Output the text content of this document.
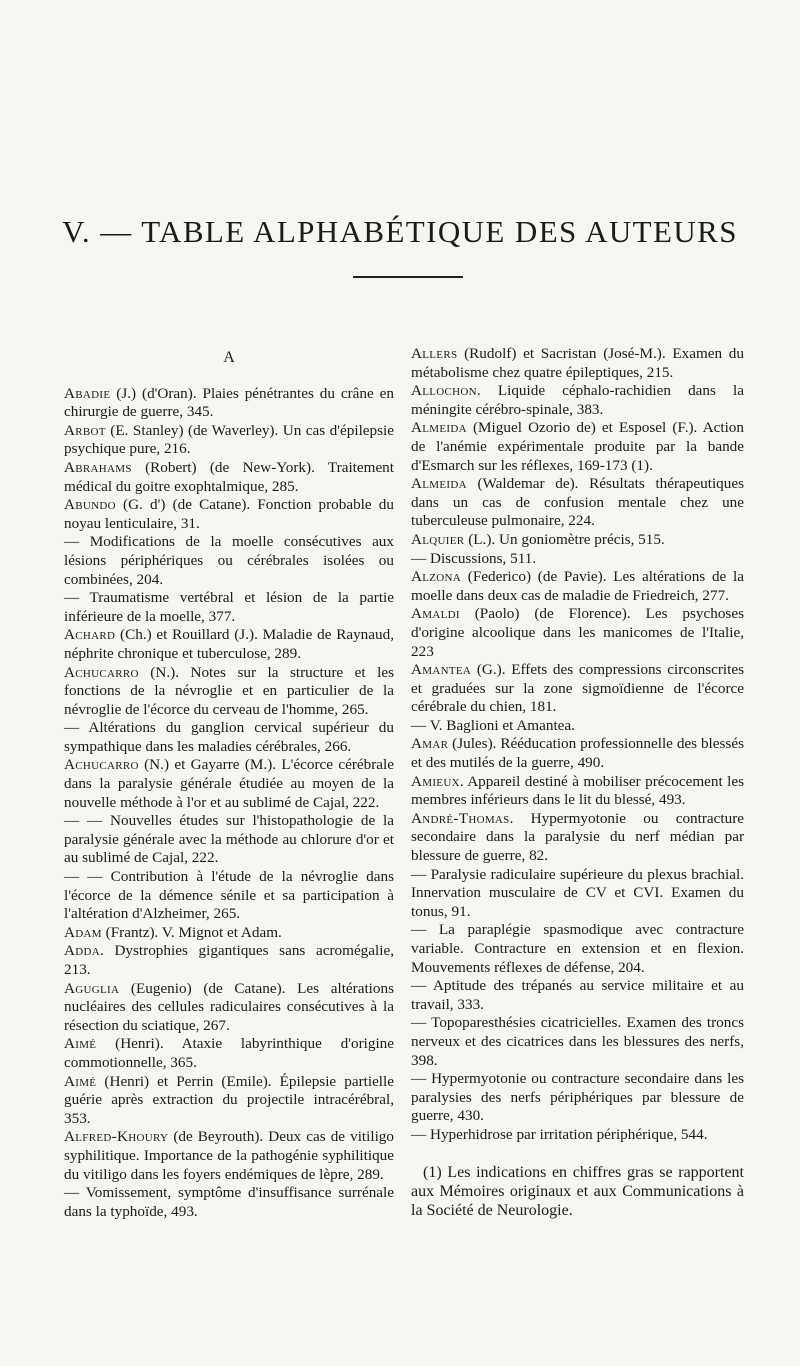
V. — TABLE ALPHABÉTIQUE DES AUTEURS
A

Abadie (J.) (d'Oran). Plaies pénétrantes du crâne en chirurgie de guerre, 345.

Arbot (E. Stanley) (de Waverley). Un cas d'épilepsie psychique pure, 216.

Abrahams (Robert) (de New-York). Traitement médical du goitre exophtalmique, 285.

Abundo (G. d') (de Catane). Fonction probable du noyau lenticulaire, 31.

— Modifications de la moelle consécutives aux lésions périphériques ou cérébrales isolées ou combinées, 204.

— Traumatisme vertébral et lésion de la partie inférieure de la moelle, 377.

Achard (Ch.) et Rouillard (J.). Maladie de Raynaud, néphrite chronique et tuberculose, 289.

Achucarro (N.). Notes sur la structure et les fonctions de la névroglie et en particulier de la névroglie de l'écorce du cerveau de l'homme, 265.

— Altérations du ganglion cervical supérieur du sympathique dans les maladies cérébrales, 266.

Achucarro (N.) et Gayarre (M.). L'écorce cérébrale dans la paralysie générale étudiée au moyen de la nouvelle méthode à l'or et au sublimé de Cajal, 222.

— — Nouvelles études sur l'histopathologie de la paralysie générale avec la méthode au chlorure d'or et au sublimé de Cajal, 222.

— — Contribution à l'étude de la névroglie dans l'écorce de la démence sénile et sa participation à l'altération d'Alzheimer, 265.

Adam (Frantz). V. Mignot et Adam.

Adda. Dystrophies gigantiques sans acromégalie, 213.

Aguglia (Eugenio) (de Catane). Les altérations nucléaires des cellules radiculaires consécutives à la résection du sciatique, 267.

Aimé (Henri). Ataxie labyrinthique d'origine commotionnelle, 365.

Aimé (Henri) et Perrin (Emile). Épilepsie partielle guérie après extraction du projectile intracérébral, 353.

Alfred-Khoury (de Beyrouth). Deux cas de vitiligo syphilitique. Importance de la pathogénie syphilitique du vitiligo dans les foyers endémiques de lèpre, 289.

— Vomissement, symptôme d'insuffisance surrénale dans la typhoïde, 493.

Allers (Rudolf) et Sacristan (José-M.). Examen du métabolisme chez quatre épileptiques, 215.

Allochon. Liquide céphalo-rachidien dans la méningite cérébro-spinale, 383.

Almeida (Miguel Ozorio de) et Esposel (F.). Action de l'anémie expérimentale produite par la bande d'Esmarch sur les réflexes, 169-173 (1).

Almeida (Waldemar de). Résultats thérapeutiques dans un cas de confusion mentale chez une tuberculeuse pulmonaire, 224.

Alquier (L.). Un goniomètre précis, 515.

— Discussions, 511.

Alzona (Federico) (de Pavie). Les altérations de la moelle dans deux cas de maladie de Friedreich, 277.

Amaldi (Paolo) (de Florence). Les psychoses d'origine alcoolique dans les manicomes de l'Italie, 223

Amantea (G.). Effets des compressions circonscrites et graduées sur la zone sigmoïdienne de l'écorce cérébrale du chien, 181.

— V. Baglioni et Amantea.

Amar (Jules). Rééducation professionnelle des blessés et des mutilés de la guerre, 490.

Amieux. Appareil destiné à mobiliser précocement les membres inférieurs dans le lit du blessé, 493.

André-Thomas. Hypermyotonie ou contracture secondaire dans la paralysie du nerf médian par blessure de guerre, 82.

— Paralysie radiculaire supérieure du plexus brachial. Innervation musculaire de CV et CVI. Examen du tonus, 91.

— La paraplégie spasmodique avec contracture variable. Contracture en extension et en flexion. Mouvements réflexes de défense, 204.

— Aptitude des trépanés au service militaire et au travail, 333.

— Topoparesthésies cicatricielles. Examen des troncs nerveux et des cicatrices dans les blessures des nerfs, 398.

— Hypermyotonie ou contracture secondaire dans les paralysies des nerfs périphériques par blessure de guerre, 430.

— Hyperhidrose par irritation périphérique, 544.

(1) Les indications en chiffres gras se rapportent aux Mémoires originaux et aux Communications à la Société de Neurologie.
